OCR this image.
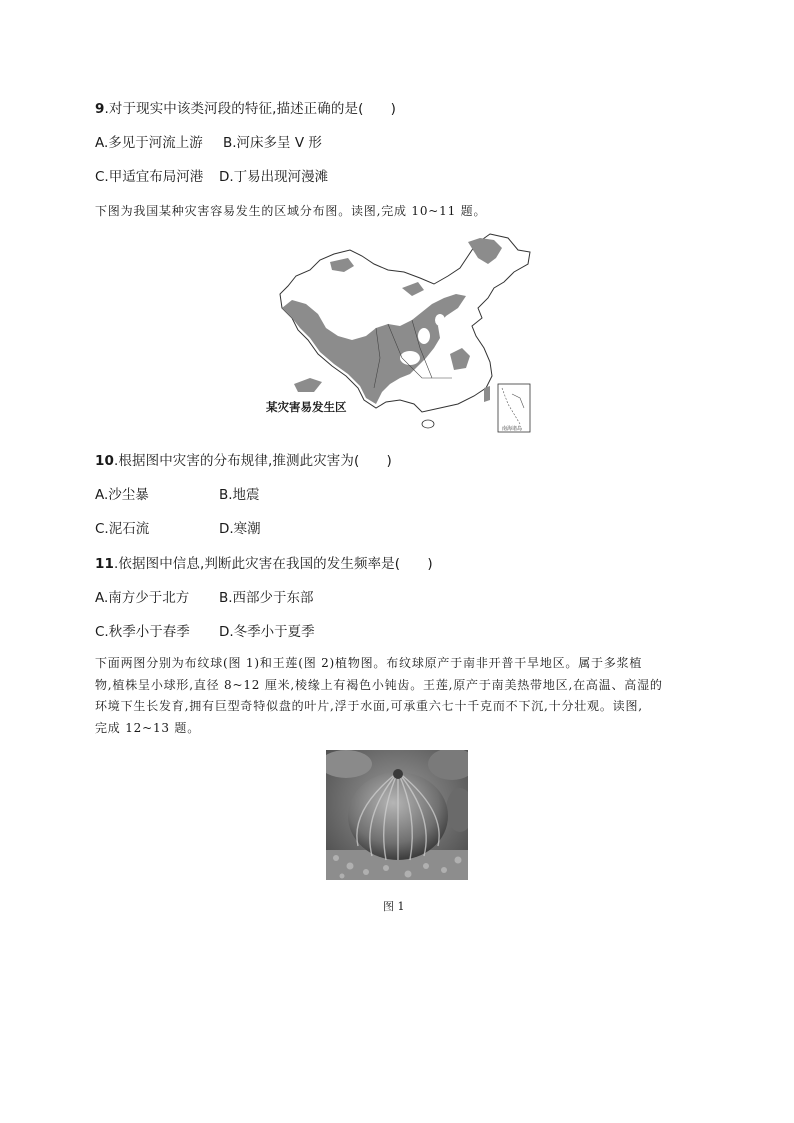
9.对于现实中该类河段的特征,描述正确的是(　　)
A.多见于河流上游 B.河床多呈 V 形
C.甲适宜布局河港 D.丁易出现河漫滩
下图为我国某种灾害容易发生的区域分布图。读图,完成 10~11 题。
南海诸岛
某灾害易发生区
10.根据图中灾害的分布规律,推测此灾害为(　　)
A.沙尘暴	B.地震
C.泥石流	D.寒潮
11.依据图中信息,判断此灾害在我国的发生频率是(　　)
A.南方少于北方 B.西部少于东部
C.秋季小于春季 D.冬季小于夏季
下面两图分别为布纹球(图 1)和王莲(图 2)植物图。布纹球原产于南非开普干旱地区。属于多浆植
物,植株呈小球形,直径 8~12 厘米,棱缘上有褐色小钝齿。王莲,原产于南美热带地区,在高温、高湿的
环境下生长发育,拥有巨型奇特似盘的叶片,浮于水面,可承重六七十千克而不下沉,十分壮观。读图,
完成 12~13 题。
图 1
